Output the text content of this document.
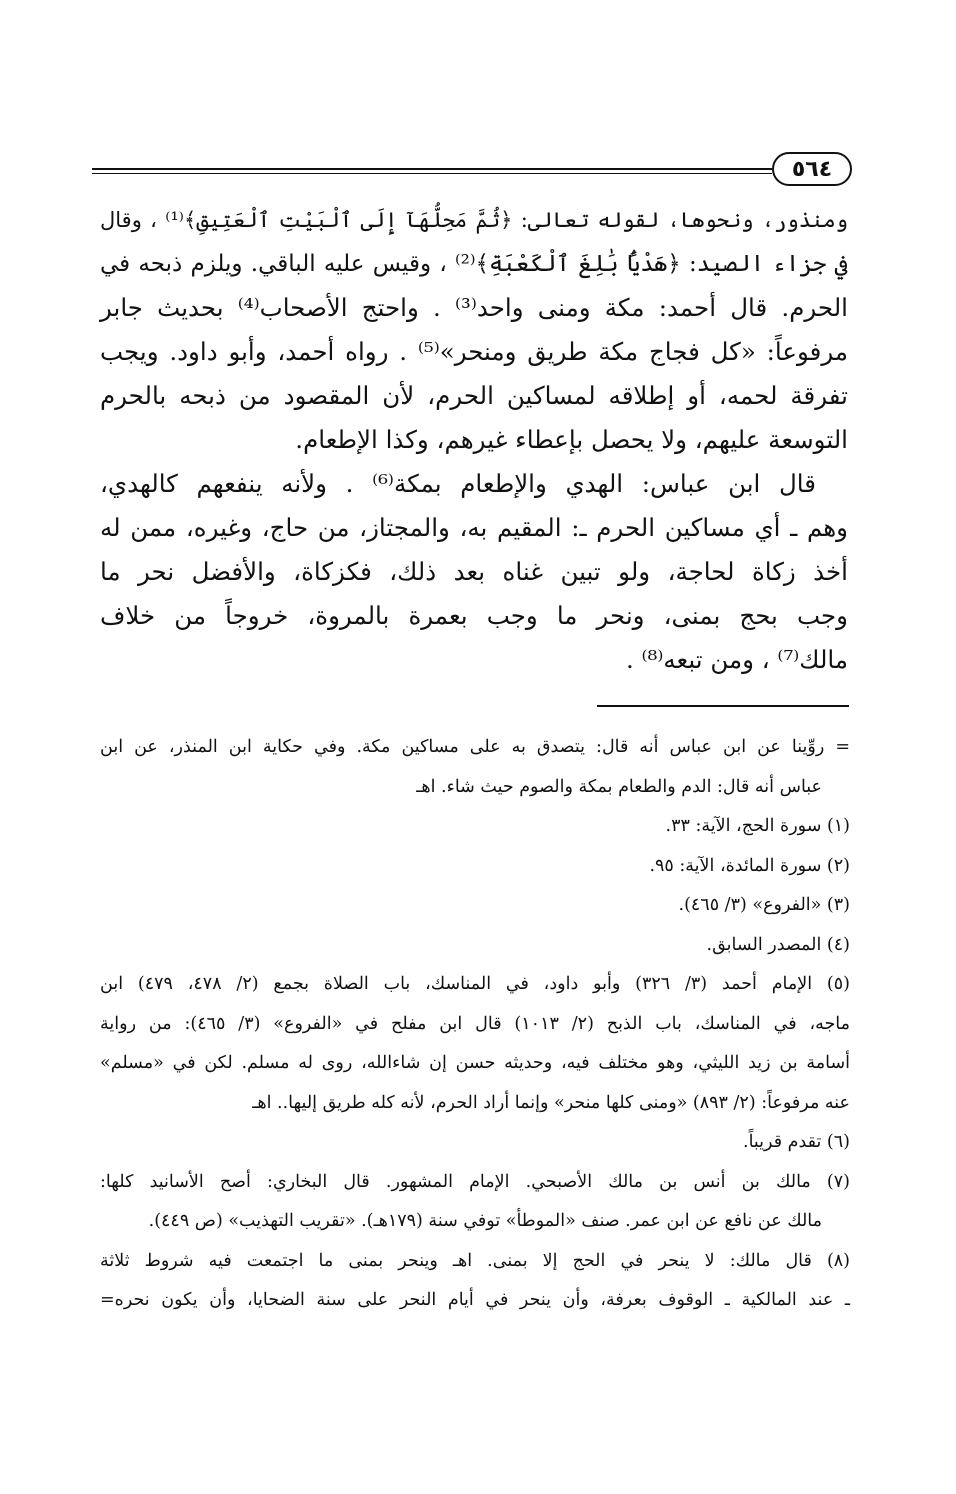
٥٦٤
ومنذور، ونحوها، لقوله تعالى: ﴿ثُمَّ مَحِلُّهَآ إِلَى ٱلْبَيْتِ ٱلْعَتِيقِ﴾⁽¹⁾ ، وقال
في جزاء الصيد: ﴿هَدْيًۢا بَٰلِغَ ٱلْكَعْبَةِ﴾⁽²⁾ ، وقيس عليه الباقي. ويلزم ذبحه في
الحرم. قال أحمد: مكة ومنى واحد⁽³⁾ . واحتج الأصحاب⁽⁴⁾ بحديث جابر
مرفوعاً: «كل فجاج مكة طريق ومنحر»⁽⁵⁾ . رواه أحمد، وأبو داود. ويجب
تفرقة لحمه، أو إطلاقه لمساكين الحرم، لأن المقصود من ذبحه بالحرم
التوسعة عليهم، ولا يحصل بإعطاء غيرهم، وكذا الإطعام.
قال ابن عباس: الهدي والإطعام بمكة⁽⁶⁾ . ولأنه ينفعهم كالهدي،
وهم ـ أي مساكين الحرم ـ: المقيم به، والمجتاز، من حاج، وغيره، ممن له
أخذ زكاة لحاجة، ولو تبين غناه بعد ذلك، فكزكاة، والأفضل نحر ما
وجب بحج بمنى، ونحر ما وجب بعمرة بالمروة، خروجاً من خلاف
مالك⁽⁷⁾ ، ومن تبعه⁽⁸⁾ .
= روِّينا عن ابن عباس أنه قال: يتصدق به على مساكين مكة. وفي حكاية ابن المنذر، عن ابن
عباس أنه قال: الدم والطعام بمكة والصوم حيث شاء. اهـ
(١) سورة الحج، الآية: ٣٣.
(٢) سورة المائدة، الآية: ٩٥.
(٣) «الفروع» (٣/ ٤٦٥).
(٤) المصدر السابق.
(٥) الإمام أحمد (٣/ ٣٢٦) وأبو داود، في المناسك، باب الصلاة بجمع (٢/ ٤٧٨، ٤٧٩) ابن
ماجه، في المناسك، باب الذبح (٢/ ١٠١٣) قال ابن مفلح في «الفروع» (٣/ ٤٦٥): من رواية
أسامة بن زيد الليثي، وهو مختلف فيه، وحديثه حسن إن شاءالله، روى له مسلم. لكن في «مسلم»
عنه مرفوعاً: (٢/ ٨٩٣) «ومنى كلها منحر» وإنما أراد الحرم، لأنه كله طريق إليها.. اهـ
(٦) تقدم قريباً.
(٧) مالك بن أنس بن مالك الأصبحي. الإمام المشهور. قال البخاري: أصح الأسانيد كلها:
مالك عن نافع عن ابن عمر. صنف «الموطأ» توفي سنة (١٧٩هـ). «تقريب التهذيب» (ص ٤٤٩).
(٨) قال مالك: لا ينحر في الحج إلا بمنى. اهـ وينحر بمنى ما اجتمعت فيه شروط ثلاثة
ـ عند المالكية ـ الوقوف بعرفة، وأن ينحر في أيام النحر على سنة الضحايا، وأن يكون نحره=
